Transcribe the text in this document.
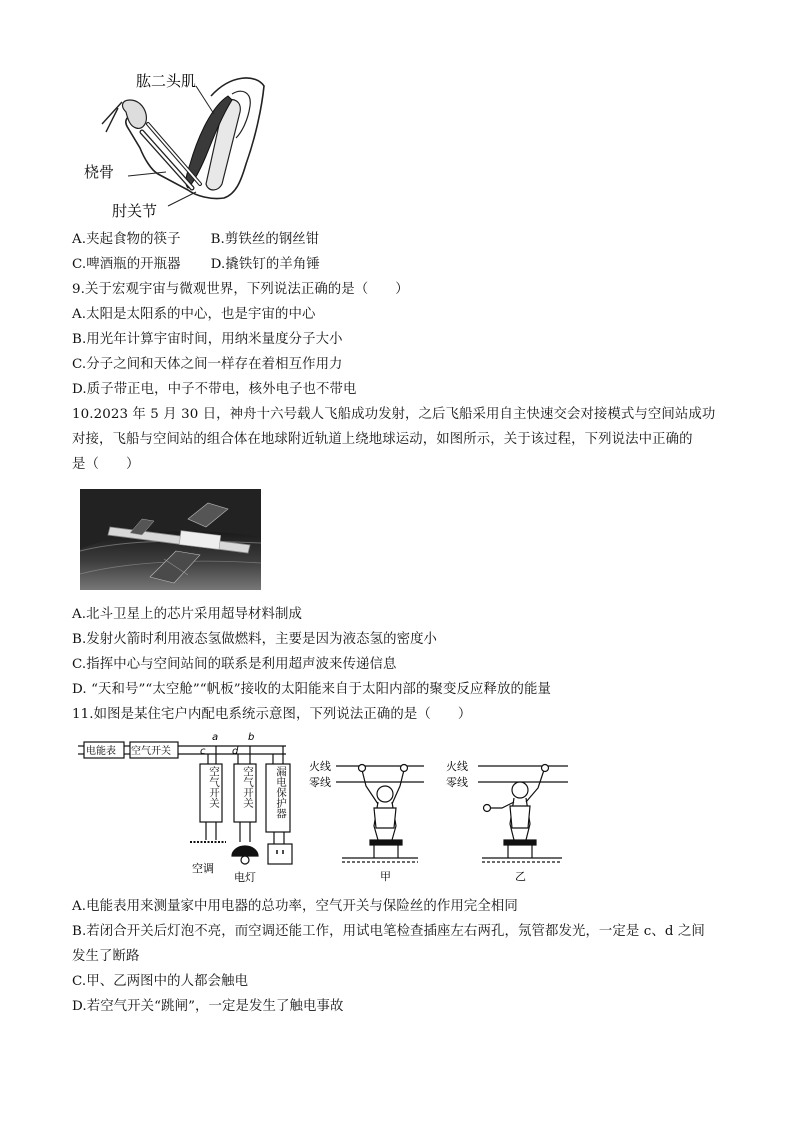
肱二头肌
肘关节
桡骨
A.夹起食物的筷子 B.剪铁丝的钢丝钳
C.啤酒瓶的开瓶器 D.撬铁钉的羊角锤
9.关于宏观宇宙与微观世界，下列说法正确的是（　　）
A.太阳是太阳系的中心，也是宇宙的中心
B.用光年计算宇宙时间，用纳米量度分子大小
C.分子之间和天体之间一样存在着相互作用力
D.质子带正电，中子不带电，核外电子也不带电
10.2023 年 5 月 30 日，神舟十六号载人飞船成功发射，之后飞船采用自主快速交会对接模式与空间站成功
对接，飞船与空间站的组合体在地球附近轨道上绕地球运动，如图所示，关于该过程，下列说法中正确的
是（　　）
A.北斗卫星上的芯片采用超导材料制成
B.发射火箭时利用液态氢做燃料，主要是因为液态氢的密度小
C.指挥中心与空间站间的联系是利用超声波来传递信息
D. “天和号”“太空舱”“帆板”接收的太阳能来自于太阳内部的聚变反应释放的能量
11.如图是某住宅户内配电系统示意图，下列说法正确的是（　　）
电能表 空气开关
a	b
c	d
空调
电灯
火线
零线
甲
火线
零线
乙
空气开关	空气开关	漏电保护器
A.电能表用来测量家中用电器的总功率，空气开关与保险丝的作用完全相同
B.若闭合开关后灯泡不亮，而空调还能工作，用试电笔检查插座左右两孔，氖管都发光，一定是 c、d 之间
发生了断路
C.甲、乙两图中的人都会触电
D.若空气开关“跳闸”，一定是发生了触电事故
